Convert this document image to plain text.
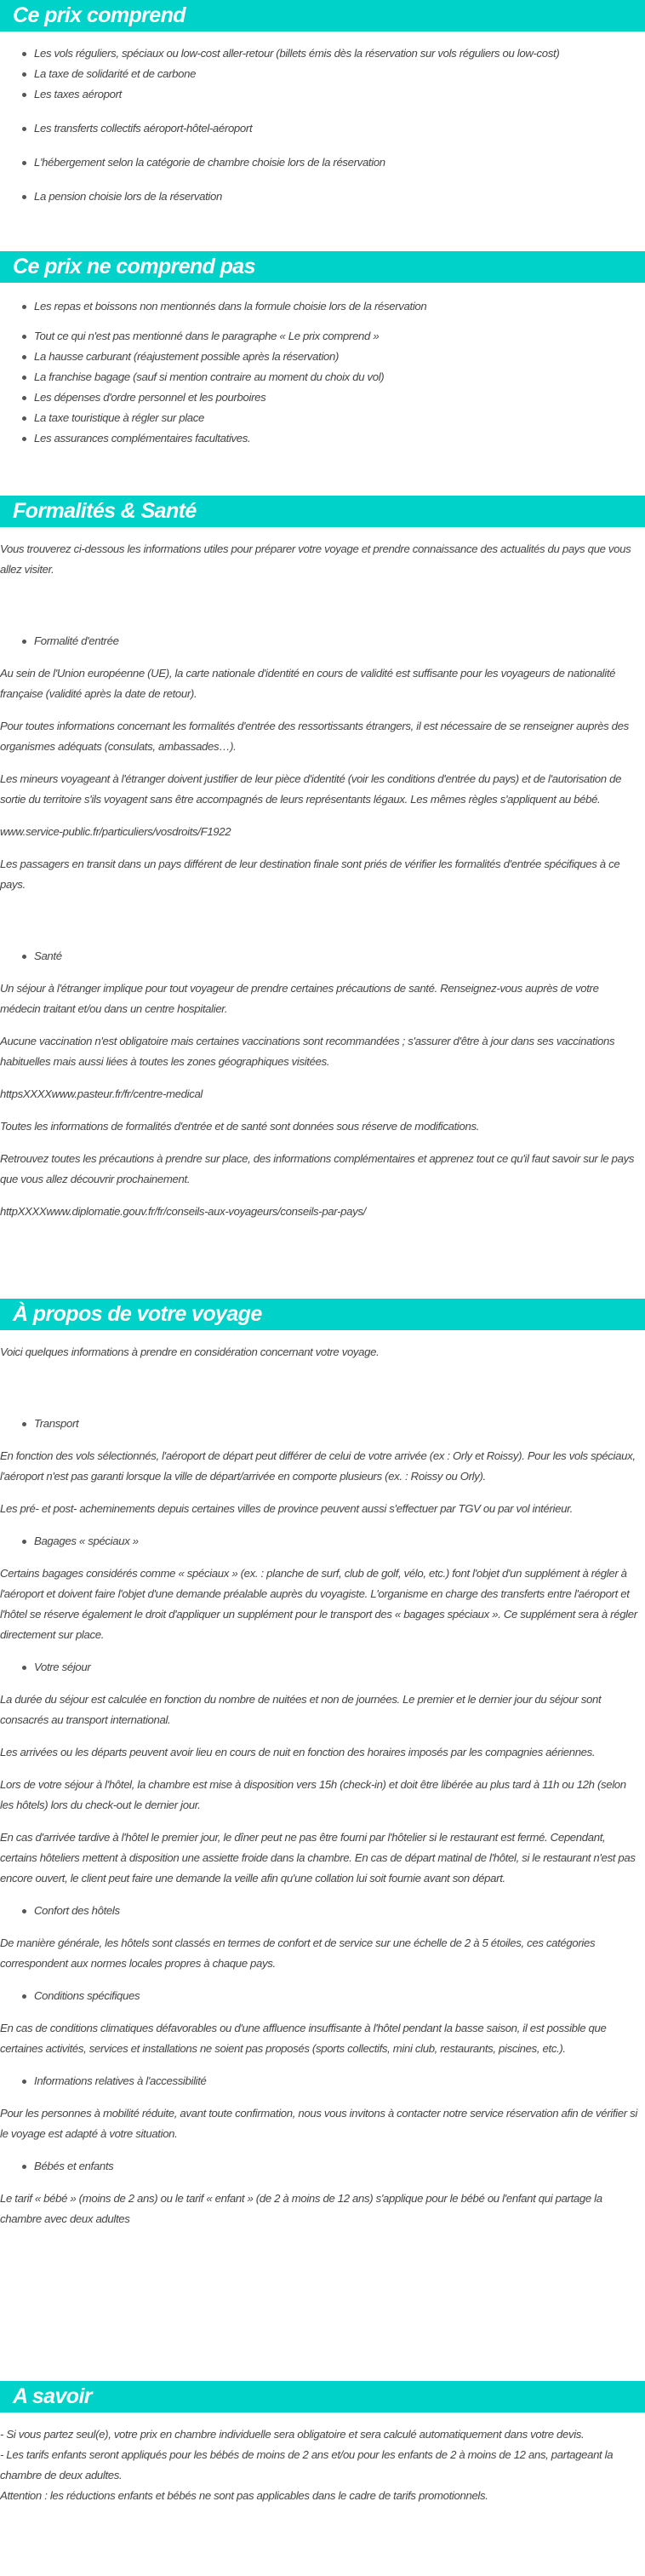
Ce prix comprend
Les vols réguliers, spéciaux ou low-cost aller-retour (billets émis dès la réservation sur vols réguliers ou low-cost)
La taxe de solidarité et de carbone
Les taxes aéroport
Les transferts collectifs aéroport-hôtel-aéroport
L'hébergement selon la catégorie de chambre choisie lors de la réservation
La pension choisie lors de la réservation
Ce prix ne comprend pas
Les repas et boissons non mentionnés dans la formule choisie lors de la réservation
Tout ce qui n'est pas mentionné dans le paragraphe « Le prix comprend »
La hausse carburant (réajustement possible après la réservation)
La franchise bagage (sauf si mention contraire au moment du choix du vol)
Les dépenses d'ordre personnel et les pourboires
La taxe touristique à régler sur place
Les assurances complémentaires facultatives.
Formalités & Santé

Vous trouverez ci-dessous les informations utiles pour préparer votre voyage et prendre connaissance des actualités du pays que vous allez visiter.

Formalité d'entrée

Au sein de l'Union européenne (UE), la carte nationale d'identité en cours de validité est suffisante pour les voyageurs de nationalité française (validité après la date de retour).

Pour toutes informations concernant les formalités d'entrée des ressortissants étrangers, il est nécessaire de se renseigner auprès des organismes adéquats (consulats, ambassades…).

Les mineurs voyageant à l'étranger doivent justifier de leur pièce d'identité (voir les conditions d'entrée du pays) et de l'autorisation de sortie du territoire s'ils voyagent sans être accompagnés de leurs représentants légaux. Les mêmes règles s'appliquent au bébé.

www.service-public.fr/particuliers/vosdroits/F1922

Les passagers en transit dans un pays différent de leur destination finale sont priés de vérifier les formalités d'entrée spécifiques à ce pays.

Santé

Un séjour à l'étranger implique pour tout voyageur de prendre certaines précautions de santé. Renseignez-vous auprès de votre médecin traitant et/ou dans un centre hospitalier.

Aucune vaccination n'est obligatoire mais certaines vaccinations sont recommandées ; s'assurer d'être à jour dans ses vaccinations habituelles mais aussi liées à toutes les zones géographiques visitées.

httpsXXXXwww.pasteur.fr/fr/centre-medical

Toutes les informations de formalités d'entrée et de santé sont données sous réserve de modifications.

Retrouvez toutes les précautions à prendre sur place, des informations complémentaires et apprenez tout ce qu'il faut savoir sur le pays que vous allez découvrir prochainement.

httpXXXXwww.diplomatie.gouv.fr/fr/conseils-aux-voyageurs/conseils-par-pays/

À propos de votre voyage

Voici quelques informations à prendre en considération concernant votre voyage.

Transport

En fonction des vols sélectionnés, l'aéroport de départ peut différer de celui de votre arrivée (ex : Orly et Roissy). Pour les vols spéciaux, l'aéroport n'est pas garanti lorsque la ville de départ/arrivée en comporte plusieurs (ex. : Roissy ou Orly).

Les pré- et post- acheminements depuis certaines villes de province peuvent aussi s'effectuer par TGV ou par vol intérieur.

Bagages « spéciaux »

Certains bagages considérés comme « spéciaux » (ex. : planche de surf, club de golf, vélo, etc.) font l'objet d'un supplément à régler à l'aéroport et doivent faire l'objet d'une demande préalable auprès du voyagiste. L'organisme en charge des transferts entre l'aéroport et l'hôtel se réserve également le droit d'appliquer un supplément pour le transport des « bagages spéciaux ». Ce supplément sera à régler directement sur place.

Votre séjour

La durée du séjour est calculée en fonction du nombre de nuitées et non de journées. Le premier et le dernier jour du séjour sont consacrés au transport international.

Les arrivées ou les départs peuvent avoir lieu en cours de nuit en fonction des horaires imposés par les compagnies aériennes.

Lors de votre séjour à l'hôtel, la chambre est mise à disposition vers 15h (check-in) et doit être libérée au plus tard à 11h ou 12h (selon les hôtels) lors du check-out le dernier jour.

En cas d'arrivée tardive à l'hôtel le premier jour, le dîner peut ne pas être fourni par l'hôtelier si le restaurant est fermé. Cependant, certains hôteliers mettent à disposition une assiette froide dans la chambre. En cas de départ matinal de l'hôtel, si le restaurant n'est pas encore ouvert, le client peut faire une demande la veille afin qu'une collation lui soit fournie avant son départ.

Confort des hôtels

De manière générale, les hôtels sont classés en termes de confort et de service sur une échelle de 2 à 5 étoiles, ces catégories correspondent aux normes locales propres à chaque pays.

Conditions spécifiques

En cas de conditions climatiques défavorables ou d'une affluence insuffisante à l'hôtel pendant la basse saison, il est possible que certaines activités, services et installations ne soient pas proposés (sports collectifs, mini club, restaurants, piscines, etc.).

Informations relatives à l'accessibilité

Pour les personnes à mobilité réduite, avant toute confirmation, nous vous invitons à contacter notre service réservation afin de vérifier si le voyage est adapté à votre situation.

Bébés et enfants

Le tarif « bébé » (moins de 2 ans) ou le tarif « enfant » (de 2 à moins de 12 ans) s'applique pour le bébé ou l'enfant qui partage la chambre avec deux adultes

A savoir

- Si vous partez seul(e), votre prix en chambre individuelle sera obligatoire et sera calculé automatiquement dans votre devis.

- Les tarifs enfants seront appliqués pour les bébés de moins de 2 ans et/ou pour les enfants de 2 à moins de 12 ans, partageant la chambre de deux adultes.

Attention : les réductions enfants et bébés ne sont pas applicables dans le cadre de tarifs promotionnels.
